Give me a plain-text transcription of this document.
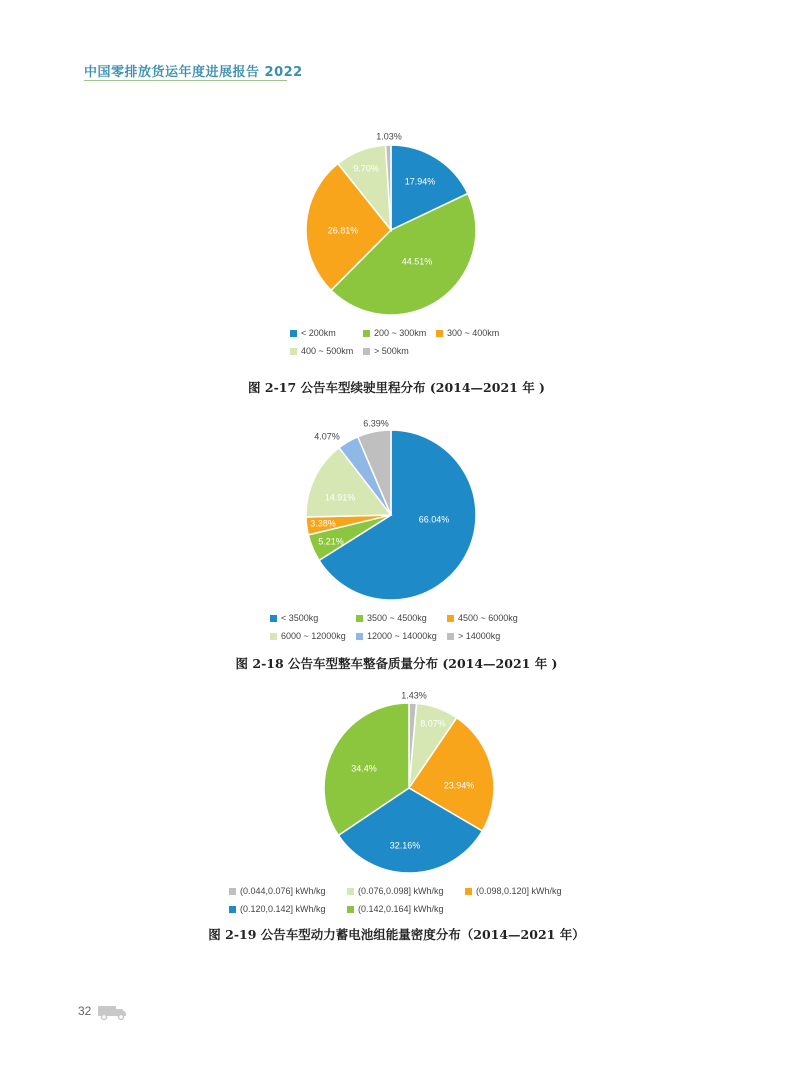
中国零排放货运年度进展报告 2022
17.94%
44.51%
26.81%
9.70%
1.03%
< 200km	200 ~ 300km 300 ~ 400km
400 ~ 500km > 500km
图 2-17 公告车型续驶里程分布 (2014—2021 年 )
66.04%
5.21%
3.38%
14.91%
4.07%
6.39%
< 3500kg	3500 ~ 4500kg	4500 ~ 6000kg
6000 ~ 12000kg 12000 ~ 14000kg > 14000kg
图 2-18 公告车型整车整备质量分布 (2014—2021 年 )
1.43%
8.07%
23.94%
32.16%
34.4%
(0.044,0.076] kWh/kg	(0.076,0.098] kWh/kg	(0.098,0.120] kWh/kg
(0.120,0.142] kWh/kg	(0.142,0.164] kWh/kg
图 2-19 公告车型动力蓄电池组能量密度分布（2014—2021 年）
32
